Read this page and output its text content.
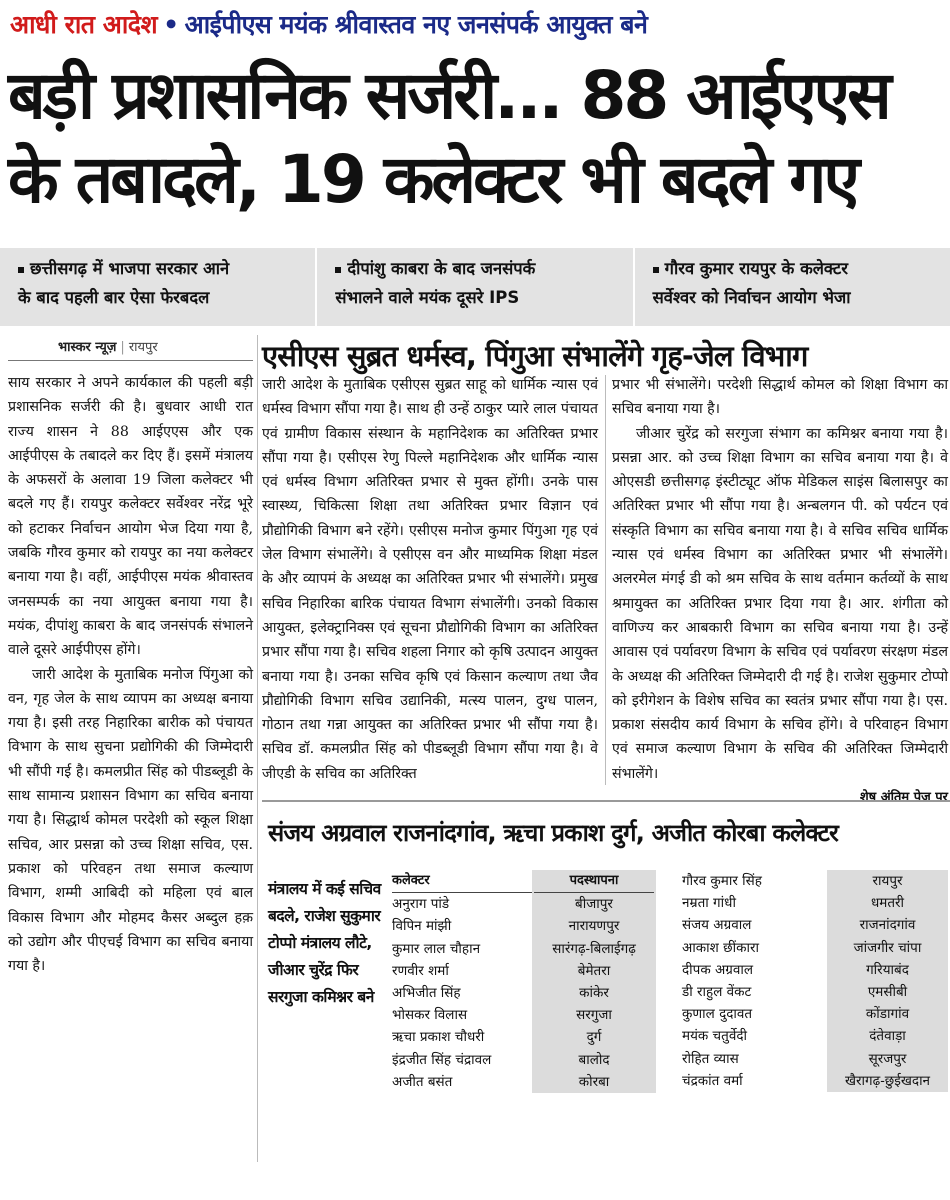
आधी रात आदेश • आईपीएस मयंक श्रीवास्तव नए जनसंपर्क आयुक्त बने
बड़ी प्रशासनिक सर्जरी... 88 आईएएस
के तबादले, 19 कलेक्टर भी बदले गए
छत्तीसगढ़ में भाजपा सरकार आने
के बाद पहली बार ऐसा फेरबदल
दीपांशु काबरा के बाद जनसंपर्क
संभालने वाले मयंक दूसरे IPS
गौरव कुमार रायपुर के कलेक्टर
सर्वेश्वर को निर्वाचन आयोग भेजा
भास्कर न्यूज़ | रायपुर	एसीएस सुब्रत धर्मस्व, पिंगुआ संभालेंगे गृह-जेल विभाग

साय सरकार ने अपने कार्यकाल की पहली बड़ी प्रशासनिक सर्जरी की है। बुधवार आधी रात राज्य शासन ने 88 आईएएस और एक आईपीएस के तबादले कर दिए हैं। इसमें मंत्रालय के अफसरों के अलावा 19 जिला कलेक्टर भी बदले गए हैं। रायपुर कलेक्टर सर्वेश्वर नरेंद्र भूरे को हटाकर निर्वाचन आयोग भेज दिया गया है, जबकि गौरव कुमार को रायपुर का नया कलेक्टर बनाया गया है। वहीं, आईपीएस मयंक श्रीवास्तव जनसम्पर्क का नया आयुक्त बनाया गया है। मयंक, दीपांशु काबरा के बाद जनसंपर्क संभालने वाले दूसरे आईपीएस होंगे।

जारी आदेश के मुताबिक मनोज पिंगुआ को वन, गृह जेल के साथ व्यापम का अध्यक्ष बनाया गया है। इसी तरह निहारिका बारीक को पंचायत विभाग के साथ सुचना प्रद्योगिकी की जिम्मेदारी भी सौंपी गई है। कमलप्रीत सिंह को पीडब्लूडी के साथ सामान्य प्रशासन विभाग का सचिव बनाया गया है। सिद्धार्थ कोमल परदेशी को स्कूल शिक्षा सचिव, आर प्रसन्ना को उच्च शिक्षा सचिव, एस. प्रकाश को परिवहन तथा समाज कल्याण विभाग, शम्मी आबिदी को महिला एवं बाल विकास विभाग और मोहमद कैसर अब्दुल हक़ को उद्योग और पीएचई विभाग का सचिव बनाया गया है।

जारी आदेश के मुताबिक एसीएस सुब्रत साहू को धार्मिक न्यास एवं धर्मस्व विभाग सौंपा गया है। साथ ही उन्हें ठाकुर प्यारे लाल पंचायत एवं ग्रामीण विकास संस्थान के महानिदेशक का अतिरिक्त प्रभार सौंपा गया है। एसीएस रेणु पिल्ले महानिदेशक और धार्मिक न्यास एवं धर्मस्व विभाग अतिरिक्त प्रभार से मुक्त होंगी। उनके पास स्वास्थ्य, चिकित्सा शिक्षा तथा अतिरिक्त प्रभार विज्ञान एवं प्रौद्योगिकी विभाग बने रहेंगे। एसीएस मनोज कुमार पिंगुआ गृह एवं जेल विभाग संभालेंगे। वे एसीएस वन और माध्यमिक शिक्षा मंडल के और व्यापमं के अध्यक्ष का अतिरिक्त प्रभार भी संभालेंगे। प्रमुख सचिव निहारिका बारिक पंचायत विभाग संभालेंगी। उनको विकास आयुक्त, इलेक्ट्रानिक्स एवं सूचना प्रौद्योगिकी विभाग का अतिरिक्त प्रभार सौंपा गया है। सचिव शहला निगार को कृषि उत्पादन आयुक्त बनाया गया है। उनका सचिव कृषि एवं किसान कल्याण तथा जैव प्रौद्योगिकी विभाग सचिव उद्यानिकी, मत्स्य पालन, दुग्ध पालन, गोठान तथा गन्ना आयुक्त का अतिरिक्त प्रभार भी सौंपा गया है। सचिव डॉ. कमलप्रीत सिंह को पीडब्लूडी विभाग सौंपा गया है। वे जीएडी के सचिव का अतिरिक्त

प्रभार भी संभालेंगे। परदेशी सिद्धार्थ कोमल को शिक्षा विभाग का सचिव बनाया गया है।

जीआर चुरेंद्र को सरगुजा संभाग का कमिश्नर बनाया गया है। प्रसन्ना आर. को उच्च शिक्षा विभाग का सचिव बनाया गया है। वे ओएसडी छत्तीसगढ़ इंस्टीट्यूट ऑफ मेडिकल साइंस बिलासपुर का अतिरिक्त प्रभार भी सौंपा गया है। अन्बलगन पी. को पर्यटन एवं संस्कृति विभाग का सचिव बनाया गया है। वे सचिव सचिव धार्मिक न्यास एवं धर्मस्व विभाग का अतिरिक्त प्रभार भी संभालेंगे। अलरमेल मंगई डी को श्रम सचिव के साथ वर्तमान कर्तव्यों के साथ श्रमायुक्त का अतिरिक्त प्रभार दिया गया है। आर. शंगीता को वाणिज्य कर आबकारी विभाग का सचिव बनाया गया है। उन्हें आवास एवं पर्यावरण विभाग के सचिव एवं पर्यावरण संरक्षण मंडल के अध्यक्ष की अतिरिक्त जिम्मेदारी दी गई है। राजेश सुकुमार टोप्पो को इरीगेशन के विशेष सचिव का स्वतंत्र प्रभार सौंपा गया है। एस. प्रकाश संसदीय कार्य विभाग के सचिव होंगे। वे परिवाहन विभाग एवं समाज कल्याण विभाग के सचिव की अतिरिक्त जिम्मेदारी संभालेंगे।

शेष अंतिम पेज पर
संजय अग्रवाल राजनांदगांव, ऋचा प्रकाश दुर्ग, अजीत कोरबा कलेक्टर
मंत्रालय में कई सचिव बदले, राजेश सुकुमार टोप्पो मंत्रालय लौटे, जीआर चुरेंद्र फिर सरगुजा कमिश्नर बने
कलेक्टर
अनुराग पांडे
विपिन मांझी
कुमार लाल चौहान
रणवीर शर्मा
अभिजीत सिंह
भोसकर विलास
ऋचा प्रकाश चौधरी
इंद्रजीत सिंह चंद्रावल
अजीत बसंत
पदस्थापना
बीजापुर
नारायणपुर
सारंगढ़-बिलाईगढ़
बेमेतरा
कांकेर
सरगुजा
दुर्ग
बालोद
कोरबा
गौरव कुमार सिंह
नम्रता गांधी
संजय अग्रवाल
आकाश छींकारा
दीपक अग्रवाल
डी राहुल वेंकट
कुणाल दुदावत
मयंक चतुर्वेदी
रोहित व्यास
चंद्रकांत वर्मा
रायपुर
धमतरी
राजनांदगांव
जांजगीर चांपा
गरियाबंद
एमसीबी
कोंडागांव
दंतेवाड़ा
सूरजपुर
खैरागढ़-छुईखदान
